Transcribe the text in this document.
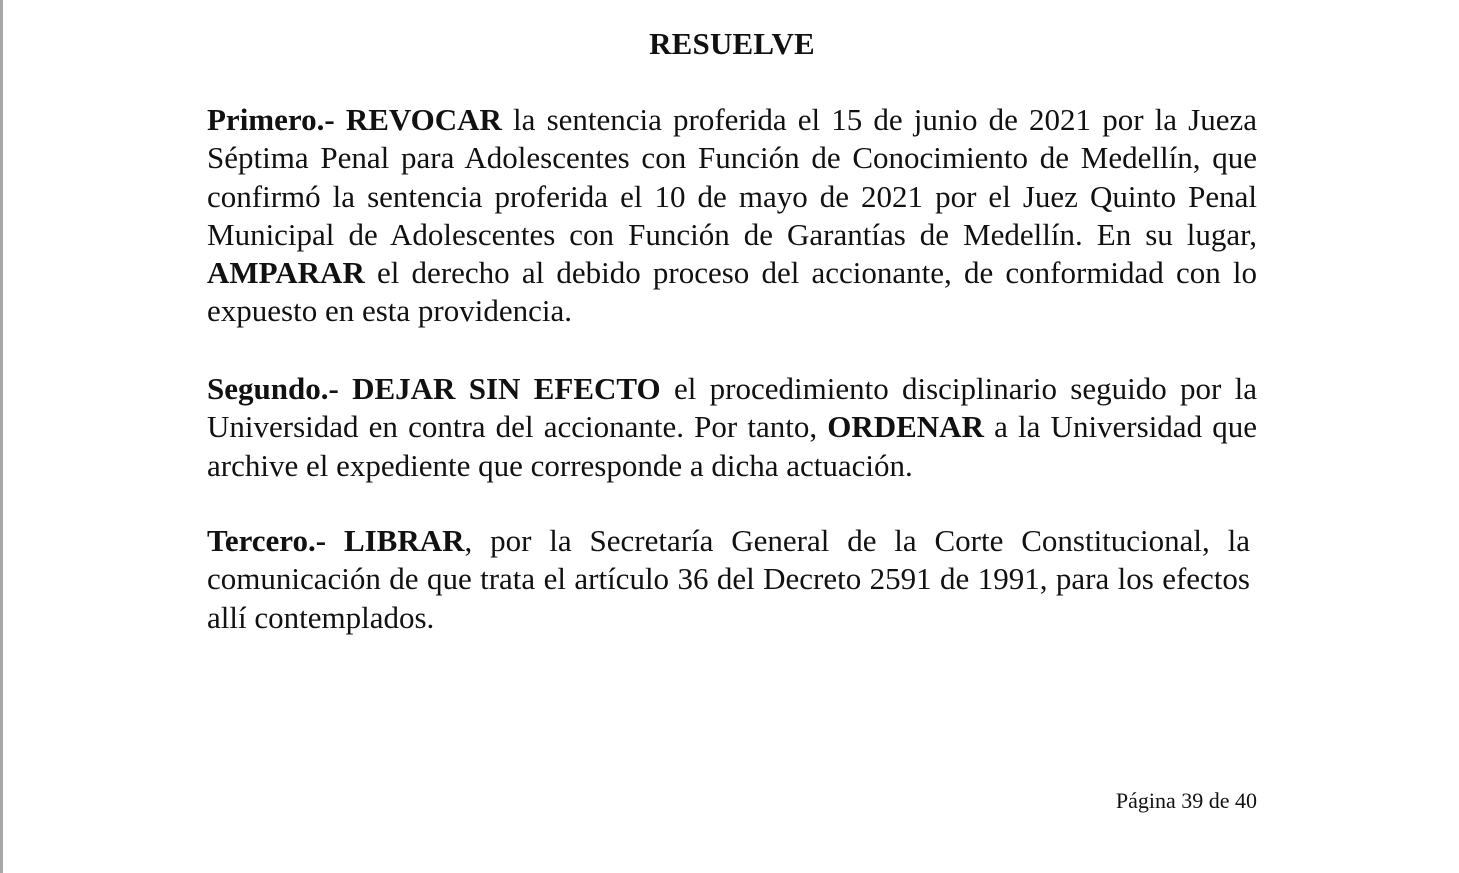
RESUELVE

Primero.- REVOCAR la sentencia proferida el 15 de junio de 2021 por la Jueza Séptima Penal para Adolescentes con Función de Conocimiento de Medellín, que confirmó la sentencia proferida el 10 de mayo de 2021 por el Juez Quinto Penal Municipal de Adolescentes con Función de Garantías de Medellín. En su lugar, AMPARAR el derecho al debido proceso del accionante, de conformidad con lo expuesto en esta providencia.

Segundo.- DEJAR SIN EFECTO el procedimiento disciplinario seguido por la Universidad en contra del accionante. Por tanto, ORDENAR a la Universidad que archive el expediente que corresponde a dicha actuación.

Tercero.- LIBRAR, por la Secretaría General de la Corte Constitucional, la comunicación de que trata el artículo 36 del Decreto 2591 de 1991, para los efectos allí contemplados.

Página 39 de 40
